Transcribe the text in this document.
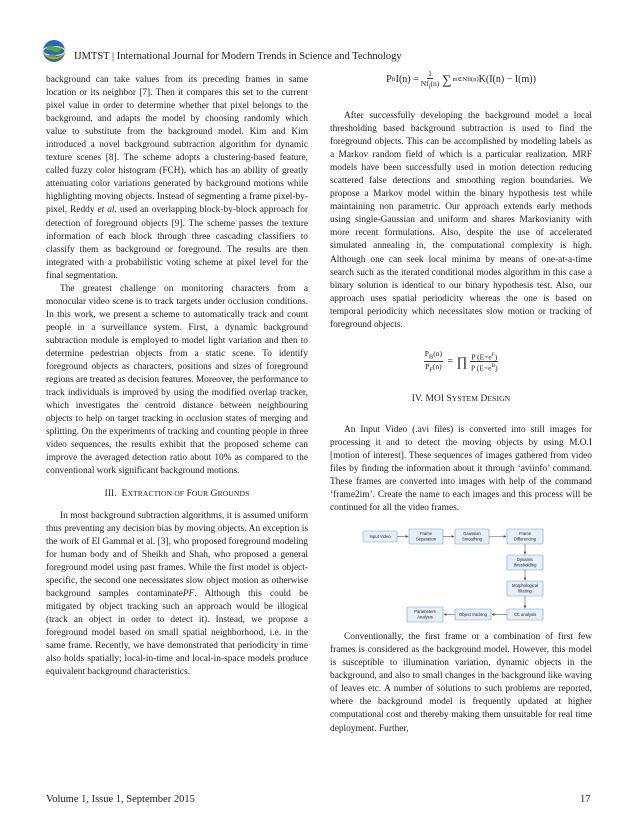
IJMTST | International Journal for Modern Trends in Science and Technology

background can take values from its preceding frames in same location or its neighbor [7]. Then it compares this set to the current pixel value in order to determine whether that pixel belongs to the background, and adapts the model by choosing randomly which value to substitute from the background model. Kim and Kim introduced a novel background subtraction algorithm for dynamic texture scenes [8]. The scheme adopts a clustering-based feature, called fuzzy color histogram (FCH), which has an ability of greatly attenuating color variations generated by background motions while highlighting moving objects. Instead of segmenting a frame pixel-by-pixel, Reddy et al. used an overlapping block-by-block approach for detection of foreground objects [9]. The scheme passes the texture information of each block through three cascading classifiers to classify them as background or foreground. The results are then integrated with a probabilistic voting scheme at pixel level for the final segmentation.

The greatest challenge on monitoring characters from a monocular video scene is to track targets under occlusion conditions. In this work, we present a scheme to automatically track and count people in a surveillance system. First, a dynamic background subtraction module is employed to model light variation and then to determine pedestrian objects from a static scene. To identify foreground objects as characters, positions and sizes of foreground regions are treated as decision features. Moreover, the performance to track individuals is improved by using the modified overlap tracker, which investigates the centroid distance between neighbouring objects to help on target tracking in occlusion states of merging and splitting. On the experiments of tracking and counting people in three video sequences, the results exhibit that the proposed scheme can improve the averaged detection ratio about 10% as compared to the conventional work significant background motions.

III. EXTRACTION OF FOUR GROUNDS

In most background subtraction algorithms, it is assumed uniform thus preventing any decision bias by moving objects. An exception is the work of El Gammal et al. [3], who proposed foreground modeling for human body and of Sheikh and Shah, who proposed a general foreground model using past frames. While the first model is object-specific, the second one necessitates slow object motion as otherwise background samples contaminatePF. Although this could be mitigated by object tracking such an approach would be illogical (track an object in order to detect it). Instead, we propose a foreground model based on small spatial neighborhood, i.e. in the same frame. Recently, we have demonstrated that periodicity in time also holds spatially; local-in-time and local-in-space models produce equivalent background characteristics.

P fi $I(n) = \frac{1}{Nf_i(n)}$ ∑ m∈Nfi(n) K(I(n) − I(m))

After successfully developing the background model a local thresholding based background subtraction is used to find the foreground objects. This can be accomplished by modeling labels as a Markov random field of which is a particular realization. MRF models have been successfully used in motion detection reducing scattered false detections and smoothing region boundaries. We propose a Markov model within the binary hypothesis test while maintaining non parametric. Our approach extends early methods using single-Gaussian and uniform and shares Markovianity with more recent formulations. Also, despite the use of accelerated simulated annealing in, the computational complexity is high. Although one can seek local minima by means of one-at-a-time search such as the iterated conditional modes algorithm in this case a binary solution is identical to our binary hypothesis test. Also, our approach uses spatial periodicity whereas the one is based on temporal periodicity which necessitates slow motion or tracking of foreground objects.

$\frac{P_B(n)}{P_F(n)}$
=
∏ $\frac{P (E=e^F)}{P (E=e^B)}$
IV. MOI SYSTEM DESIGN

An Input Video (.avi files) is converted into still images for processing it and to detect the moving objects by using M.O.I [motion of interest]. These sequences of images gathered from video files by finding the information about it through ‘aviinfo’ command. These frames are converted into images with help of the command ‘frame2im’. Create the name to each images and this process will be continued for all the video frames.

Input Video
Frame
Separation
Gaussian
Smoothing
Frame
Differencing
Dynamic
thresholding
Morphological
filtering
CC analysis
Object tracking
Parameters
Analysis

Conventionally, the first frame or a combination of first few frames is considered as the background model. However, this model is susceptible to illumination variation, dynamic objects in the background, and also to small changes in the background like waving of leaves etc. A number of solutions to such problems are reported, where the background model is frequently updated at higher computational cost and thereby making them unsuitable for real time deployment. Further,

Volume 1, Issue 1, September 2015	17
